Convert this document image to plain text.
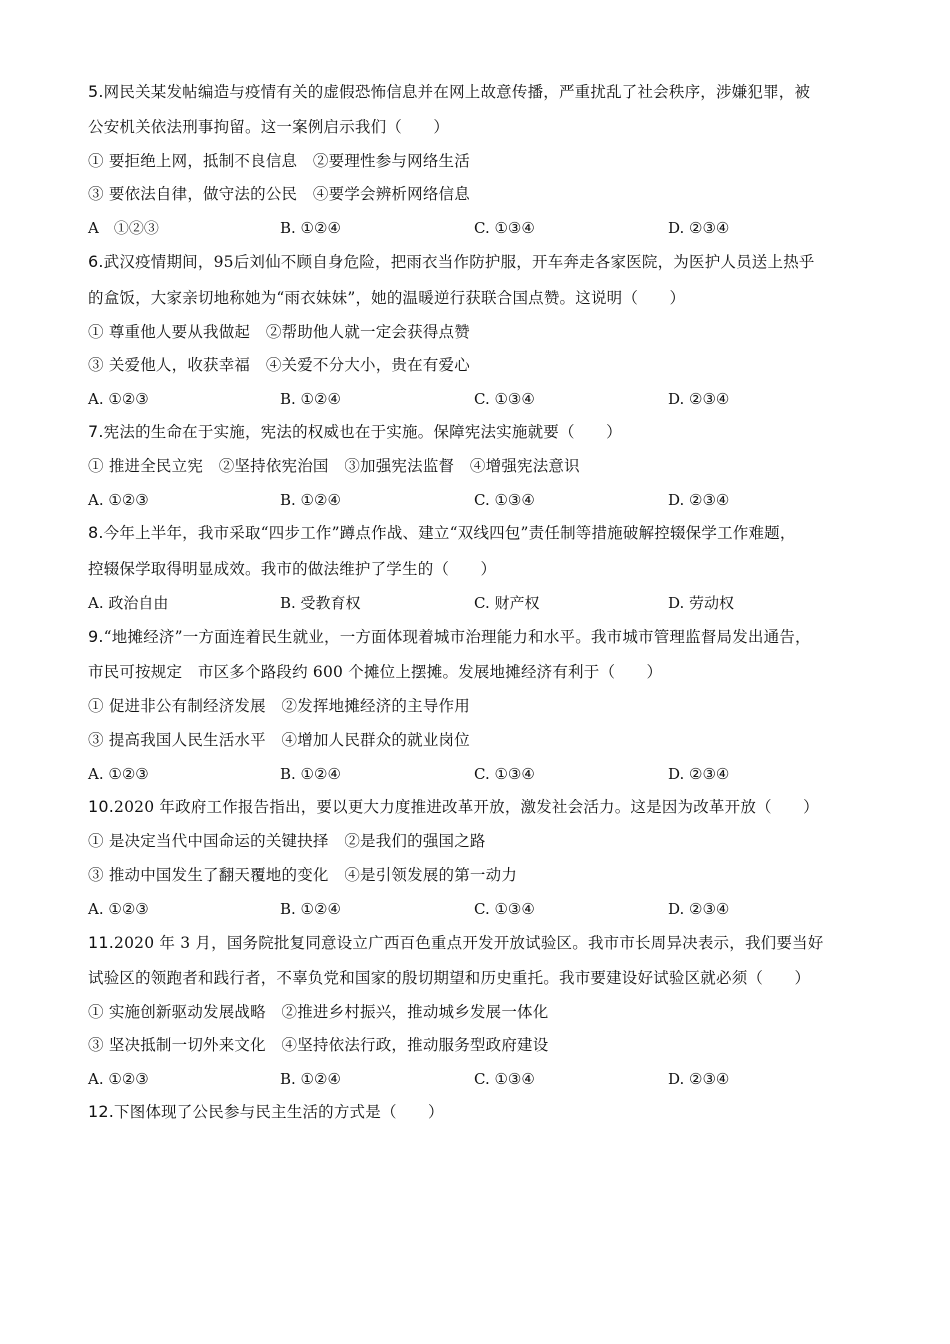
5.网民关某发帖编造与疫情有关的虚假恐怖信息并在网上故意传播，严重扰乱了社会秩序，涉嫌犯罪，被
公安机关依法刑事拘留。这一案例启示我们（　　）
① 要拒绝上网，抵制不良信息　②要理性参与网络生活
③ 要依法自律，做守法的公民　④要学会辨析网络信息
A　①②③	B. ①②④	C. ①③④	D. ②③④
6.武汉疫情期间，95后刘仙不顾自身危险，把雨衣当作防护服，开车奔走各家医院，为医护人员送上热乎
的盒饭，大家亲切地称她为“雨衣妹妹”，她的温暖逆行获联合国点赞。这说明（　　）
① 尊重他人要从我做起　②帮助他人就一定会获得点赞
③ 关爱他人，收获幸福　④关爱不分大小，贵在有爱心
A. ①②③	B. ①②④	C. ①③④	D. ②③④
7.宪法的生命在于实施，宪法的权威也在于实施。保障宪法实施就要（　　）
① 推进全民立宪　②坚持依宪治国　③加强宪法监督　④增强宪法意识
A. ①②③	B. ①②④	C. ①③④	D. ②③④
8.今年上半年，我市采取“四步工作”蹲点作战、建立“双线四包”责任制等措施破解控辍保学工作难题，
控辍保学取得明显成效。我市的做法维护了学生的（　　）
A. 政治自由	B. 受教育权	C. 财产权	D. 劳动权
9.“地摊经济”一方面连着民生就业，一方面体现着城市治理能力和水平。我市城市管理监督局发出通告，
市民可按规定　市区多个路段约 600 个摊位上摆摊。发展地摊经济有利于（　　）
① 促进非公有制经济发展　②发挥地摊经济的主导作用
③ 提高我国人民生活水平　④增加人民群众的就业岗位
A. ①②③	B. ①②④	C. ①③④	D. ②③④
10.2020 年政府工作报告指出，要以更大力度推进改革开放，激发社会活力。这是因为改革开放（　　）
① 是决定当代中国命运的关键抉择　②是我们的强国之路
③ 推动中国发生了翻天覆地的变化　④是引领发展的第一动力
A. ①②③	B. ①②④	C. ①③④	D. ②③④
11.2020 年 3 月，国务院批复同意设立广西百色重点开发开放试验区。我市市长周异决表示，我们要当好
试验区的领跑者和践行者，不辜负党和国家的殷切期望和历史重托。我市要建设好试验区就必须（　　）
① 实施创新驱动发展战略　②推进乡村振兴，推动城乡发展一体化
③ 坚决抵制一切外来文化　④坚持依法行政，推动服务型政府建设
A. ①②③	B. ①②④	C. ①③④	D. ②③④
12.下图体现了公民参与民主生活的方式是（　　）
